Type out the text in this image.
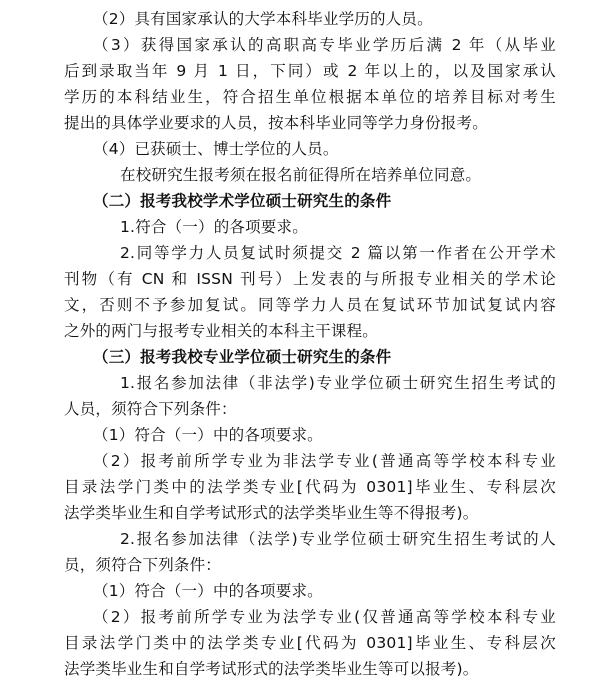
（2）具有国家承认的大学本科毕业学历的人员。
（3）获得国家承认的高职高专毕业学历后满 2 年（从毕业
后到录取当年 9 月 1 日，下同）或 2 年以上的，以及国家承认
学历的本科结业生，符合招生单位根据本单位的培养目标对考生
提出的具体学业要求的人员，按本科毕业同等学力身份报考。
（4）已获硕士、博士学位的人员。
在校研究生报考须在报名前征得所在培养单位同意。
（二）报考我校学术学位硕士研究生的条件
1.符合（一）的各项要求。
2.同等学力人员复试时须提交 2 篇以第一作者在公开学术
刊物（有 CN 和 ISSN 刊号）上发表的与所报专业相关的学术论
文，否则不予参加复试。同等学力人员在复试环节加试复试内容
之外的两门与报考专业相关的本科主干课程。
（三）报考我校专业学位硕士研究生的条件
1.报名参加法律（非法学)专业学位硕士研究生招生考试的
人员，须符合下列条件：
（1）符合（一）中的各项要求。
（2）报考前所学专业为非法学专业(普通高等学校本科专业
目录法学门类中的法学类专业[代码为 0301]毕业生、专科层次
法学类毕业生和自学考试形式的法学类毕业生等不得报考)。
2.报名参加法律（法学)专业学位硕士研究生招生考试的人
员，须符合下列条件：
（1）符合（一）中的各项要求。
（2）报考前所学专业为法学专业(仅普通高等学校本科专业
目录法学门类中的法学类专业[代码为 0301]毕业生、专科层次
法学类毕业生和自学考试形式的法学类毕业生等可以报考)。
